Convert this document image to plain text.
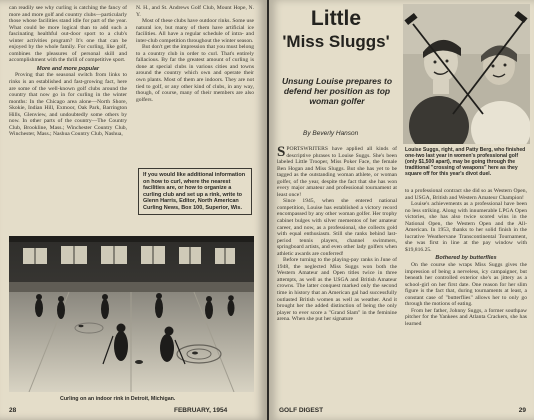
can readily see why curling is catching the fancy of more and more golf and country clubs—particularly those whose facilities stand idle for part of the year. What could be more logical than to add such a fascinating healthful out-door sport to a club's winter activities program? It's one that can be enjoyed by the whole family. For curling, like golf, combines the pleasures of personal skill and accomplishment with the thrill of competitive sport.

More and more popular

Proving that the seasonal switch from links to rinks is an established and fast-growing fact, here are some of the well-known golf clubs around the country that now go in for curling in the winter months: In the Chicago area alone—North Shore, Skokie, Indian Hill, Exmoor, Oak Park, Barrington Hills, Glenview, and undoubtedly some others by now. In other parts of the country—The Country Club, Brookline, Mass.; Winchester Country Club, Winchester, Mass.; Nashua Country Club, Nashua,

N. H., and St. Andrews Golf Club, Mount Hope, N. Y.

Most of these clubs have outdoor rinks. Some use natural ice, but many of them have artificial ice facilities. All have a regular schedule of intra- and inter-club competition throughout the winter season.

But don't get the impression that you must belong to a country club in order to curl. That's entirely fallacious. By far the greatest amount of curling is done at special clubs in various cities and towns around the country which own and operate their own plants. Most of them are indoors. They are not tied to golf, or any other kind of clubs, in any way, though, of course, many of their members are also golfers.

If you would like additional information on how to curl, where the nearest facilities are, or how to organize a curling club and set up a rink, write to Glenn Harris, Editor, North American Curling News, Box 100, Superior, Wis.
Curling on an indoor rink in Detroit, Michigan.
28	FEBRUARY, 1954
Little
'Miss Sluggs'
Unsung Louise prepares to defend her position as top woman golfer
By Beverly Hanson
Louise Suggs, right, and Patty Berg, who finished one-two last year in women's professional golf (only $1,500 apart), may be going through the traditional "crossing of weapons" here as they square off for this year's divot duel.

SPORTSWRITERS have applied all kinds of descriptive phrases to Louise Suggs. She's been labeled Little Trooper, Miss Poker Face, the female Ben Hogan and Miss Sluggs. But she has yet to be tagged as the outstanding woman athlete, or woman golfer, of the year, despite the fact that she has won every major amateur and professional tournament at least once!

Since 1945, when she entered national competition, Louise has established a victory record encompassed by any other woman golfer. Her trophy cabinet bulges with silver mementos of her amateur career, and now, as a professional, she collects gold with equal enthusiasm. Still she ranks behind last-period tennis players, channel swimmers, springboard artists, and even other lady golfers when athletic awards are conferred!

Before turning to the playing-pay ranks in June of 1948, the neglected Miss Suggs won both the Western Amateur and Open titles twice in three attempts, as well as the USGA and British Amateur crowns. The latter conquest marked only the second time in history that an American gal had successfully outlasted British women as well as weather. And it brought her the added distinction of being the only player to ever score a "Grand Slam" in the feminine arena. When she put her signature

to a professional contract she did so as Western Open, and USGA, British and Western Amateur Champion!

Louise's achievements as a professional have been no less striking. Along with innumerable LPGA Open victories, she has also twice scored wins in the National Open, the Western Open and the All-American. In 1953, thanks to her solid finish in the lucrative Weathervane Transcontinental Tournament, she was first in line at the pay window with $19,816.25.

Bothered by butterflies

On the course she wraps Miss Suggs gives the impression of being a nerveless, icy campaigner, but beneath her controlled exterior she's as jittery as a school-girl on her first date. One reason for her slim figure is the fact that, during tournaments at least, a constant case of "butterflies" allows her to only go through the motions of eating.

From her father, Johnny Suggs, a former southpaw pitcher for the Yankees and Atlanta Crackers, she has learned

GOLF DIGEST	29
